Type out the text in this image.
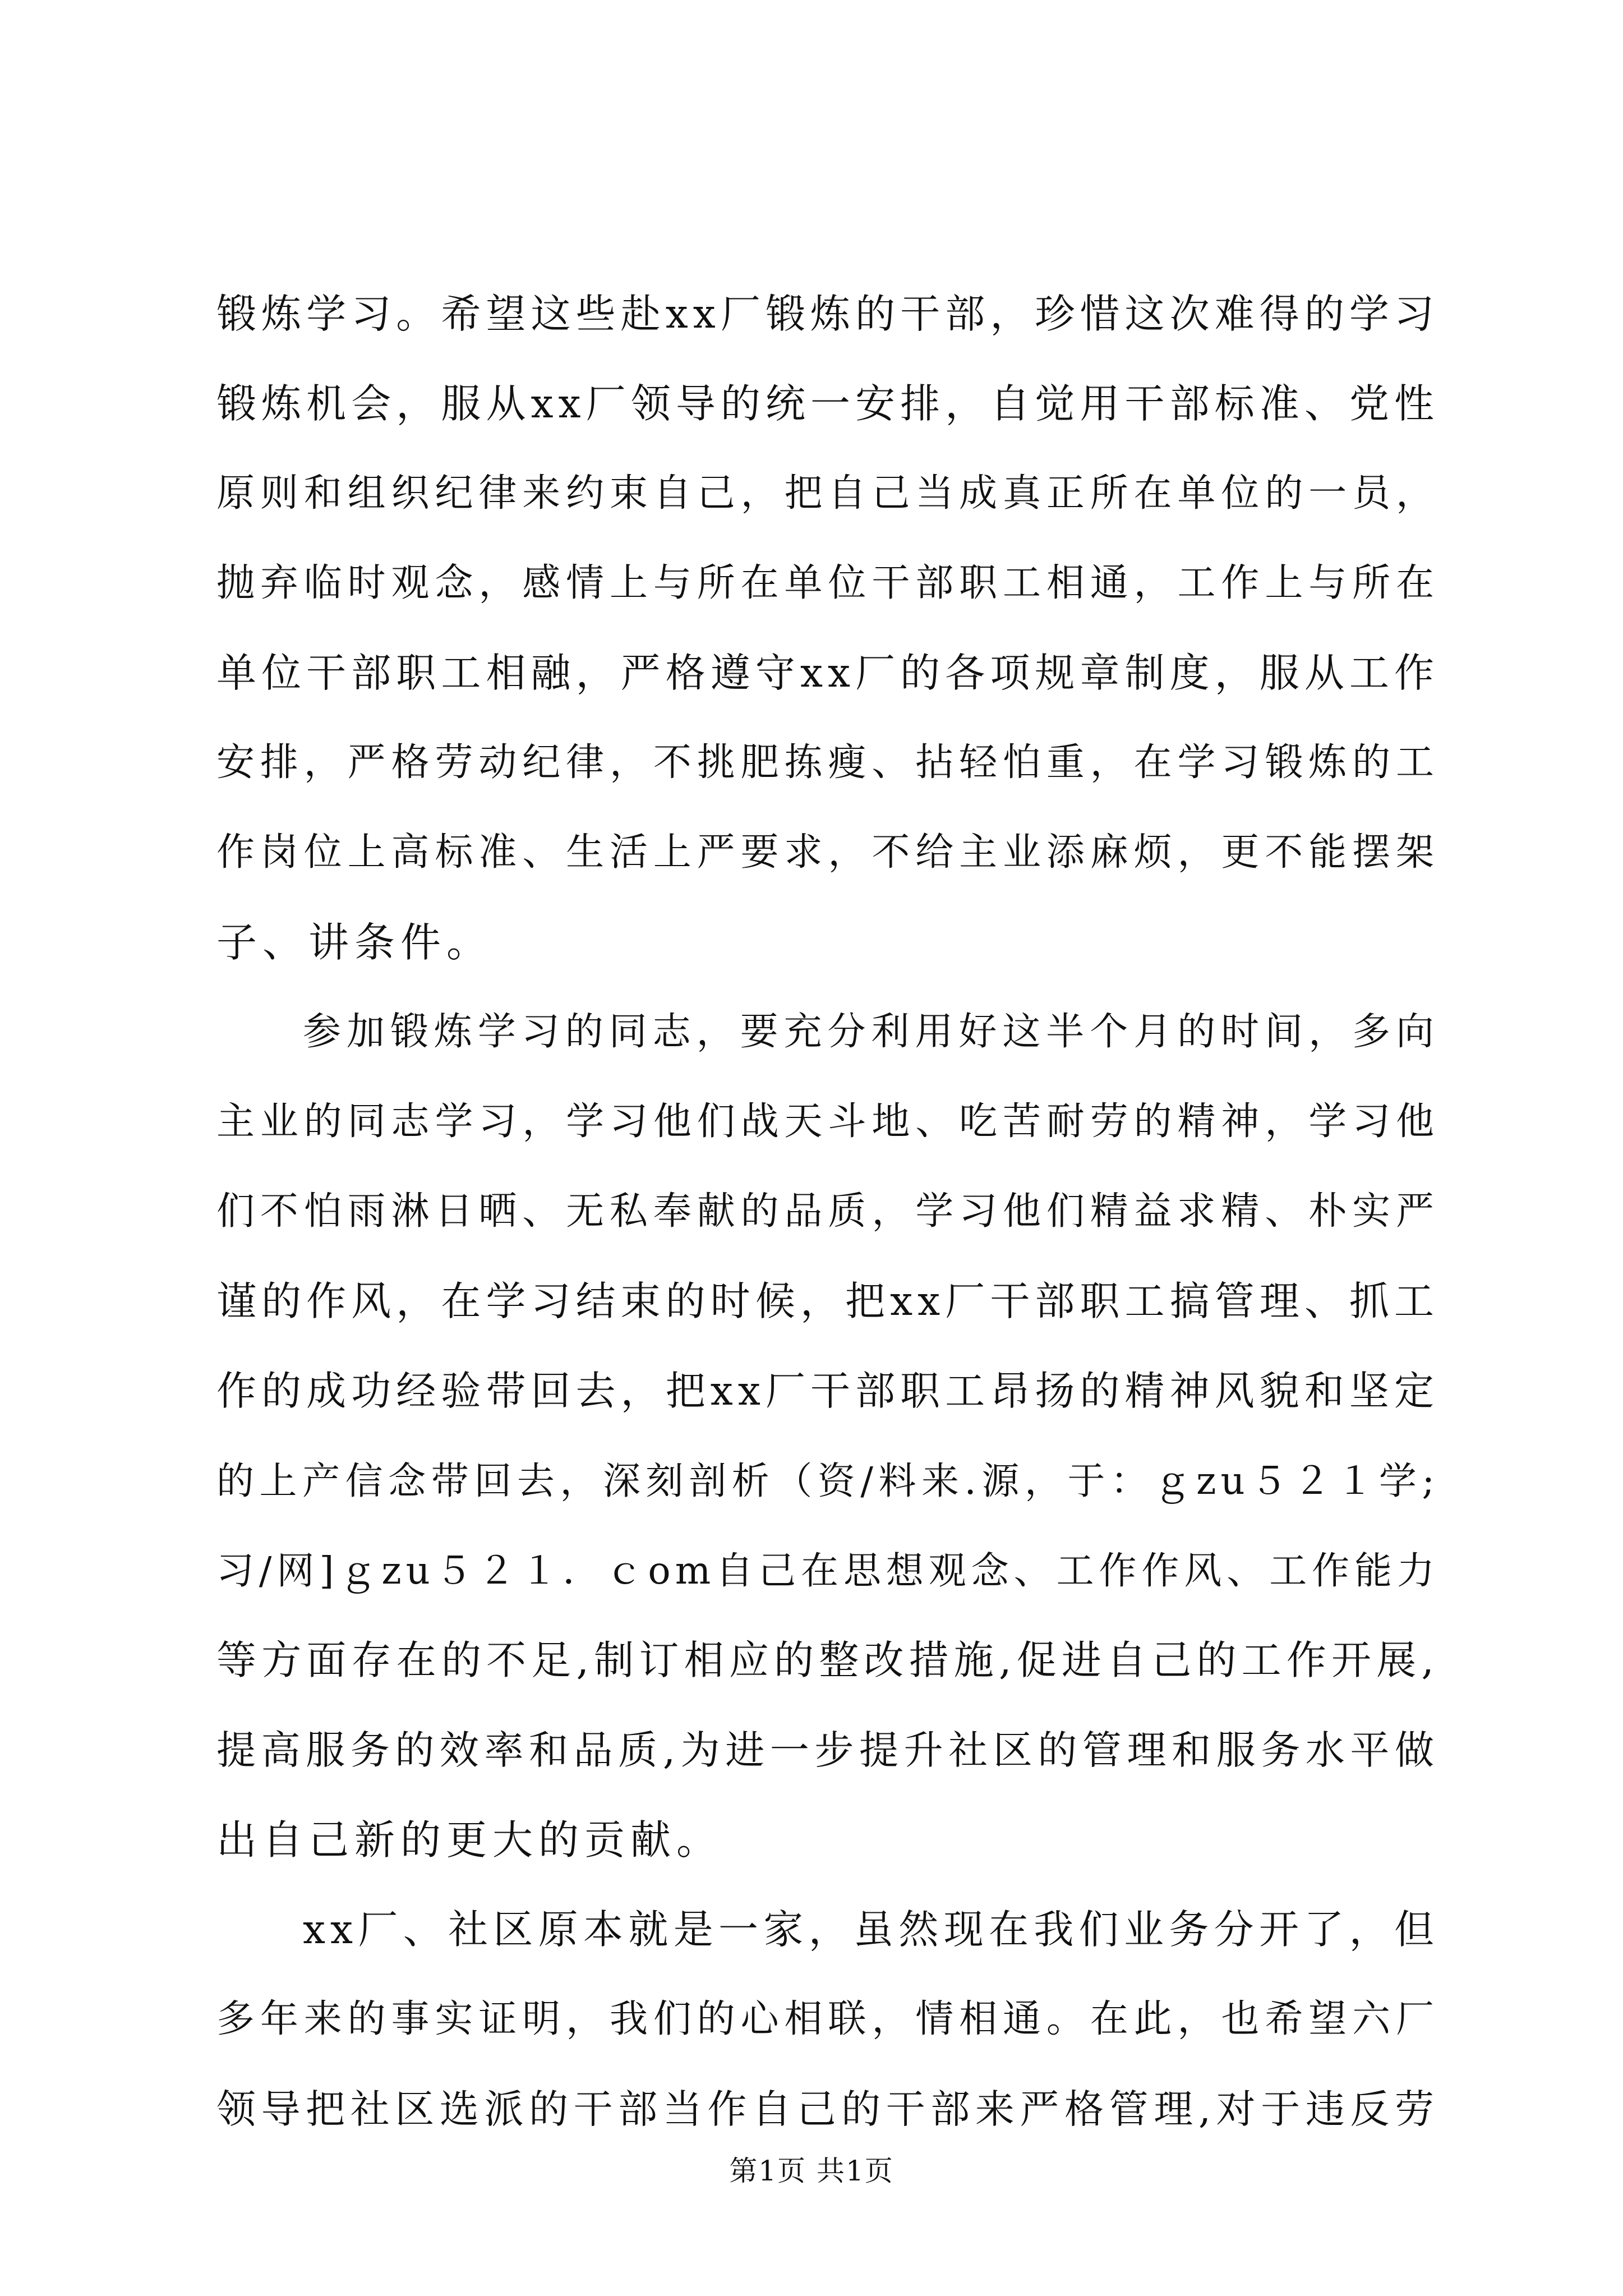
锻炼学习。希望这些赴xx厂锻炼的干部，珍惜这次难得的学习
锻炼机会，服从xx厂领导的统一安排，自觉用干部标准、党性
原则和组织纪律来约束自己，把自己当成真正所在单位的一员，
抛弃临时观念，感情上与所在单位干部职工相通，工作上与所在
单位干部职工相融，严格遵守xx厂的各项规章制度，服从工作
安排，严格劳动纪律，不挑肥拣瘦、拈轻怕重，在学习锻炼的工
作岗位上高标准、生活上严要求，不给主业添麻烦，更不能摆架
子、讲条件。
参加锻炼学习的同志，要充分利用好这半个月的时间，多向
主业的同志学习，学习他们战天斗地、吃苦耐劳的精神，学习他
们不怕雨淋日晒、无私奉献的品质，学习他们精益求精、朴实严
谨的作风，在学习结束的时候，把xx厂干部职工搞管理、抓工
作的成功经验带回去，把xx厂干部职工昂扬的精神风貌和坚定
的上产信念带回去，深刻剖析（资/料来.源，于：ｇzu５２１学;
习/网]ｇzu５２１．ｃom自己在思想观念、工作作风、工作能力
等方面存在的不足,制订相应的整改措施,促进自己的工作开展,
提高服务的效率和品质,为进一步提升社区的管理和服务水平做
出自己新的更大的贡献。
xx厂、社区原本就是一家，虽然现在我们业务分开了，但
多年来的事实证明，我们的心相联，情相通。在此，也希望六厂
领导把社区选派的干部当作自己的干部来严格管理,对于违反劳
第1页 共1页
